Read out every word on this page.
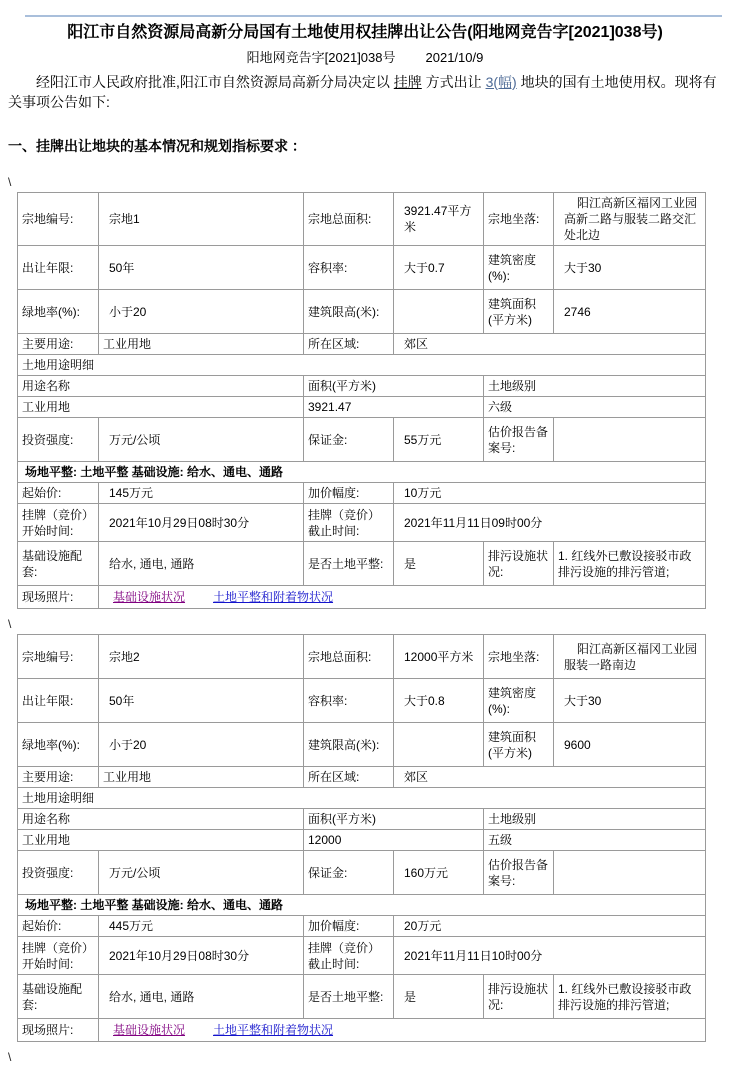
阳江市自然资源局高新分局国有土地使用权挂牌出让公告(阳地网竞告字[2021]038号)
阳地网竞告字[2021]038号 2021/10/9

经阳江市人民政府批准,阳江市自然资源局高新分局决定以 挂牌 方式出让 3(幅) 地块的国有土地使用权。现将有关事项公告如下:

一、挂牌出让地块的基本情况和规划指标要求 ：
\
宗地编号:	宗地1	宗地总面积:	3921.47平方米	宗地坐落:	阳江高新区福冈工业园高新二路与服装二路交汇处北边
出让年限:	50年	容积率:	大于0.7	建筑密度(%):	大于30
绿地率(%):	小于20	建筑限高(米):		建筑面积(平方米)	2746
主要用途:	工业用地	所在区域:	郊区		
土地用途明细					
用途名称		面积(平方米)		土地级别	
工业用地		3921.47		六级	
投资强度:	万元/公顷	保证金:	55万元	估价报告备案号:	
场地平整: 土地平整 基础设施: 给水、通电、通路					
起始价:	145万元	加价幅度:	10万元		
挂牌（竞价）开始时间:	2021年10月29日08时30分	挂牌（竞价）截止时间:	2021年11月11日09时00分		
基础设施配套:	给水, 通电, 通路	是否土地平整:	是	排污设施状况:	1. 红线外已敷设接驳市政排污设施的排污管道;
现场照片:	基础设施状况 土地平整和附着物状况				
\
宗地编号:	宗地2	宗地总面积:	12000平方米	宗地坐落:	阳江高新区福冈工业园服装一路南边
出让年限:	50年	容积率:	大于0.8	建筑密度(%):	大于30
绿地率(%):	小于20	建筑限高(米):		建筑面积(平方米)	9600
主要用途:	工业用地	所在区域:	郊区		
土地用途明细					
用途名称		面积(平方米)		土地级别	
工业用地		12000		五级	
投资强度:	万元/公顷	保证金:	160万元	估价报告备案号:	
场地平整: 土地平整 基础设施: 给水、通电、通路					
起始价:	445万元	加价幅度:	20万元		
挂牌（竞价）开始时间:	2021年10月29日08时30分	挂牌（竞价）截止时间:	2021年11月11日10时00分		
基础设施配套:	给水, 通电, 通路	是否土地平整:	是	排污设施状况:	1. 红线外已敷设接驳市政排污设施的排污管道;
现场照片:	基础设施状况 土地平整和附着物状况				
\
